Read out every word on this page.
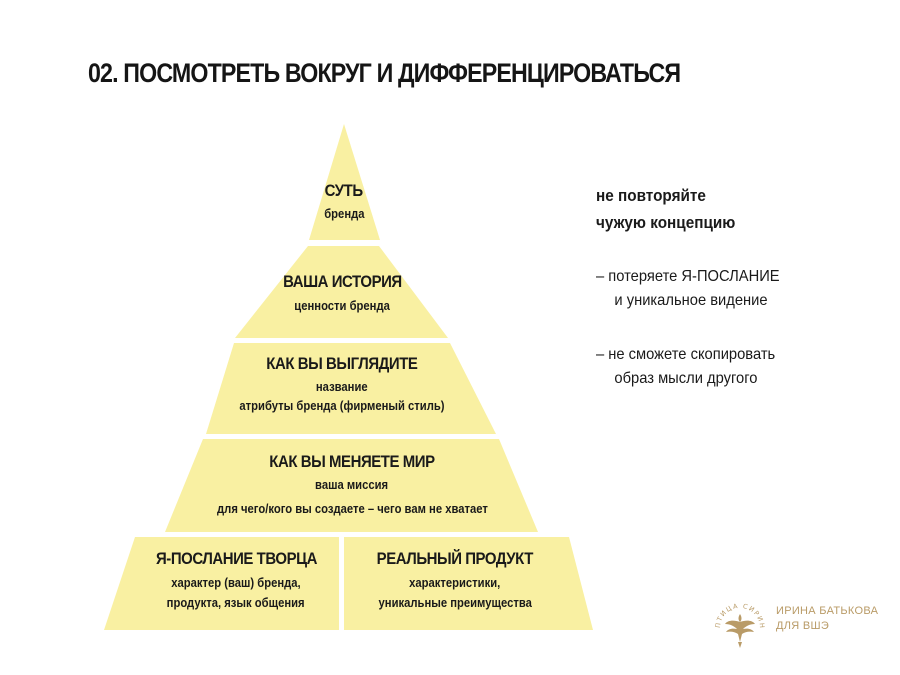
02. ПОСМОТРЕТЬ ВОКРУГ И ДИФФЕРЕНЦИРОВАТЬСЯ
СУТЬ
бренда
ВАША ИСТОРИЯ
ценности бренда
КАК ВЫ ВЫГЛЯДИТЕ
название
атрибуты бренда (фирменый стиль)
КАК ВЫ МЕНЯЕТЕ МИР
ваша миссия
для чего/кого вы создаете – чего вам не хватает
Я-ПОСЛАНИЕ ТВОРЦА
характер (ваш) бренда,
продукта, язык общения
РЕАЛЬНЫЙ ПРОДУКТ
характеристики,
уникальные преимущества
не повторяйте
чужую концепцию
– потеряете Я-ПОСЛАНИЕ
и уникальное видение
– не сможете скопировать
образ мысли другого
ПТИЦА СИРИН
ИРИНА БАТЬКОВА
ДЛЯ ВШЭ
